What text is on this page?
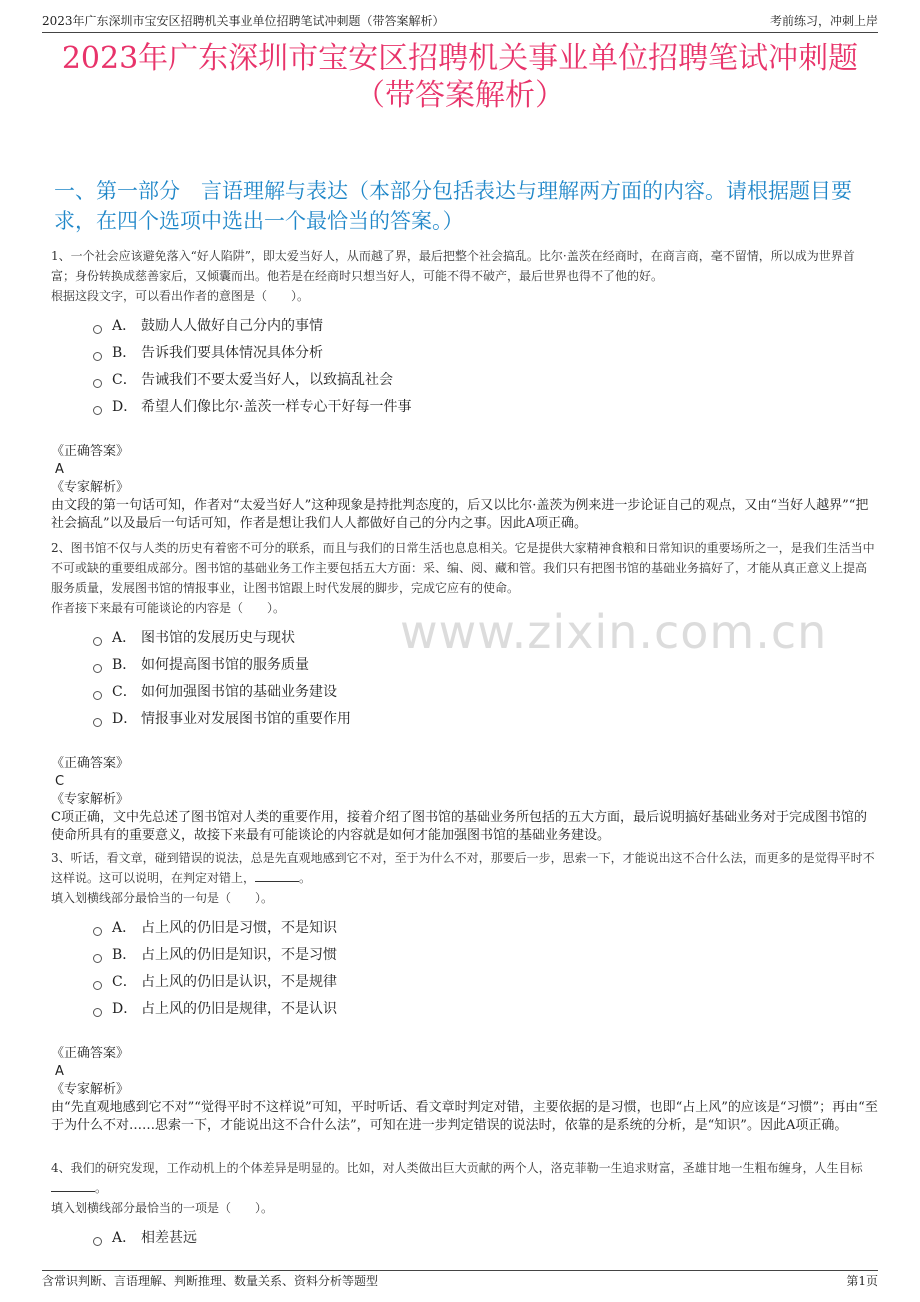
2023年广东深圳市宝安区招聘机关事业单位招聘笔试冲刺题（带答案解析）	考前练习，冲刺上岸
2023年广东深圳市宝安区招聘机关事业单位招聘笔试冲刺题
（带答案解析）
一、第一部分　言语理解与表达（本部分包括表达与理解两方面的内容。请根据题目要求，在四个选项中选出一个最恰当的答案。）
www.zixin.com.cn
1、一个社会应该避免落入“好人陷阱”，即太爱当好人，从而越了界，最后把整个社会搞乱。比尔·盖茨在经商时，在商言商，毫不留情，所以成为世界首富；身份转换成慈善家后，又倾囊而出。他若是在经商时只想当好人，可能不得不破产，最后世界也得不了他的好。
根据这段文字，可以看出作者的意图是（　　）。
A． 鼓励人人做好自己分内的事情
B． 告诉我们要具体情况具体分析
C． 告诫我们不要太爱当好人，以致搞乱社会
D． 希望人们像比尔·盖茨一样专心干好每一件事
《正确答案》
A
《专家解析》
由文段的第一句话可知，作者对“太爱当好人”这种现象是持批判态度的，后又以比尔·盖茨为例来进一步论证自己的观点，又由“当好人越界”“把社会搞乱”以及最后一句话可知，作者是想让我们人人都做好自己的分内之事。因此A项正确。
2、图书馆不仅与人类的历史有着密不可分的联系，而且与我们的日常生活也息息相关。它是提供大家精神食粮和日常知识的重要场所之一，是我们生活当中不可或缺的重要组成部分。图书馆的基础业务工作主要包括五大方面：采、编、阅、藏和管。我们只有把图书馆的基础业务搞好了，才能从真正意义上提高服务质量，发展图书馆的情报事业，让图书馆跟上时代发展的脚步，完成它应有的使命。
作者接下来最有可能谈论的内容是（　　）。
A． 图书馆的发展历史与现状
B． 如何提高图书馆的服务质量
C． 如何加强图书馆的基础业务建设
D． 情报事业对发展图书馆的重要作用
《正确答案》
C
《专家解析》
C项正确，文中先总述了图书馆对人类的重要作用，接着介绍了图书馆的基础业务所包括的五大方面，最后说明搞好基础业务对于完成图书馆的使命所具有的重要意义，故接下来最有可能谈论的内容就是如何才能加强图书馆的基础业务建设。
3、听话，看文章，碰到错误的说法，总是先直观地感到它不对，至于为什么不对，那要后一步，思索一下，才能说出这不合什么法，而更多的是觉得平时不这样说。这可以说明，在判定对错上，	。
填入划横线部分最恰当的一句是（　　）。
A． 占上风的仍旧是习惯，不是知识
B． 占上风的仍旧是知识，不是习惯
C． 占上风的仍旧是认识，不是规律
D． 占上风的仍旧是规律，不是认识
《正确答案》
A
《专家解析》
由“先直观地感到它不对”“觉得平时不这样说”可知，平时听话、看文章时判定对错，主要依据的是习惯，也即“占上风”的应该是“习惯”；再由“至于为什么不对……思索一下，才能说出这不合什么法”，可知在进一步判定错误的说法时，依靠的是系统的分析，是“知识”。因此A项正确。
4、我们的研究发现，工作动机上的个体差异是明显的。比如，对人类做出巨大贡献的两个人，洛克菲勒一生追求财富，圣雄甘地一生粗布缠身，人生目标。
填入划横线部分最恰当的一项是（　　）。
A． 相差甚远
含常识判断、言语理解、判断推理、数量关系、资料分析等题型	第1页
